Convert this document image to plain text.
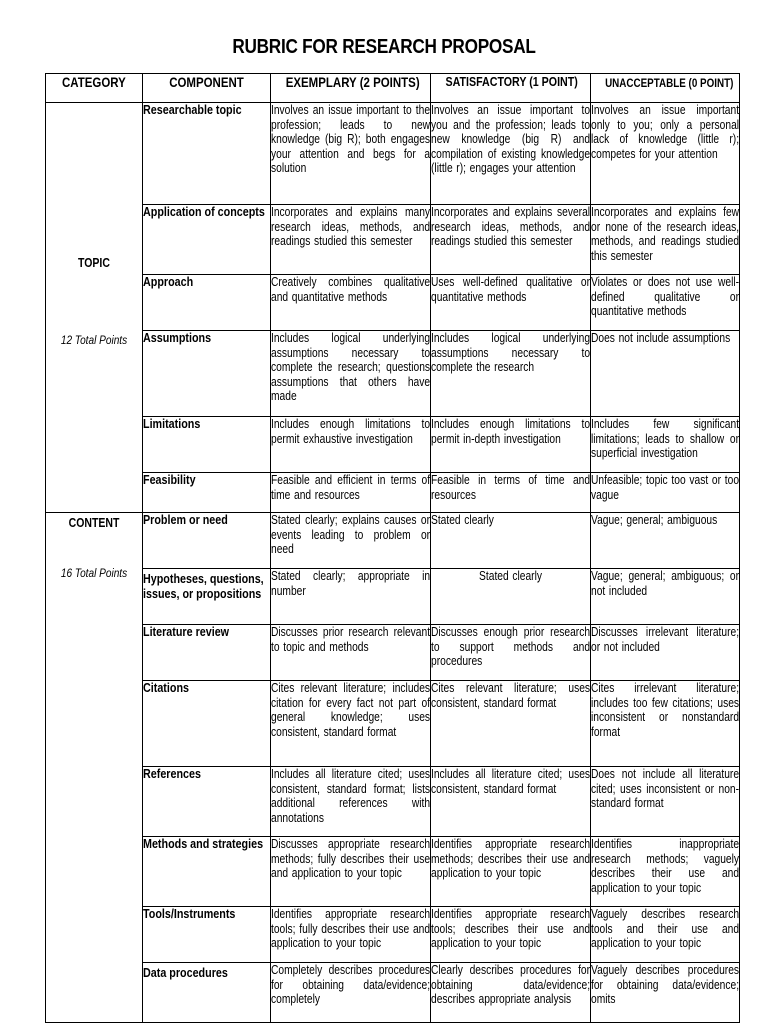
RUBRIC FOR RESEARCH PROPOSAL
CATEGORY	COMPONENT	EXEMPLARY (2 POINTS)	SATISFACTORY (1 POINT)	UNACCEPTABLE (0 POINT)

TOPIC
12 Total Points	Researchable topic	Involves an issue important to the profession; leads to new knowledge (big R); both engages your attention and begs for a solution	Involves an issue important to you and the profession; leads to new knowledge (big R) and compilation of existing knowledge (little r); engages your attention	Involves an issue important only to you; only a personal lack of knowledge (little r); competes for your attention

	Application of concepts	Incorporates and explains many research ideas, methods, and readings studied this semester	Incorporates and explains several research ideas, methods, and readings studied this semester	Incorporates and explains few or none of the research ideas, methods, and readings studied this semester

	Approach	Creatively combines qualitative and quantitative methods	Uses well-defined qualitative or quantitative methods	Violates or does not use well-defined qualitative or quantitative methods

	Assumptions	Includes logical underlying assumptions necessary to complete the research; questions assumptions that others have made	Includes logical underlying assumptions necessary to complete the research	Does not include assumptions

	Limitations	Includes enough limitations to permit exhaustive investigation	Includes enough limitations to permit in-depth investigation	Includes few significant limitations; leads to shallow or superficial investigation

	Feasibility	Feasible and efficient in terms of time and resources	Feasible in terms of time and resources	Unfeasible; topic too vast or too vague

CONTENT
16 Total Points	Problem or need	Stated clearly; explains causes or events leading to problem or need	Stated clearly	Vague; general; ambiguous

	Hypotheses, questions, issues, or propositions	Stated clearly; appropriate in number	Stated clearly	Vague; general; ambiguous; or not included

	Literature review	Discusses prior research relevant to topic and methods	Discusses enough prior research to support methods and procedures	Discusses irrelevant literature; or not included

	Citations	Cites relevant literature; includes citation for every fact not part of general knowledge; uses consistent, standard format	Cites relevant literature; uses consistent, standard format	Cites irrelevant literature; includes too few citations; uses inconsistent or nonstandard format

	References	Includes all literature cited; uses consistent, standard format; lists additional references with annotations	Includes all literature cited; uses consistent, standard format	Does not include all literature cited; uses inconsistent or non-standard format

	Methods and strategies	Discusses appropriate research methods; fully describes their use and application to your topic	Identifies appropriate research methods; describes their use and application to your topic	Identifies inappropriate research methods; vaguely describes their use and application to your topic

	Tools/Instruments	Identifies appropriate research tools; fully describes their use and application to your topic	Identifies appropriate research tools; describes their use and application to your topic	Vaguely describes research tools and their use and application to your topic

	Data procedures	Completely describes procedures for obtaining data/evidence; completely	Clearly describes procedures for obtaining data/evidence; describes appropriate analysis	Vaguely describes procedures for obtaining data/evidence; omits
